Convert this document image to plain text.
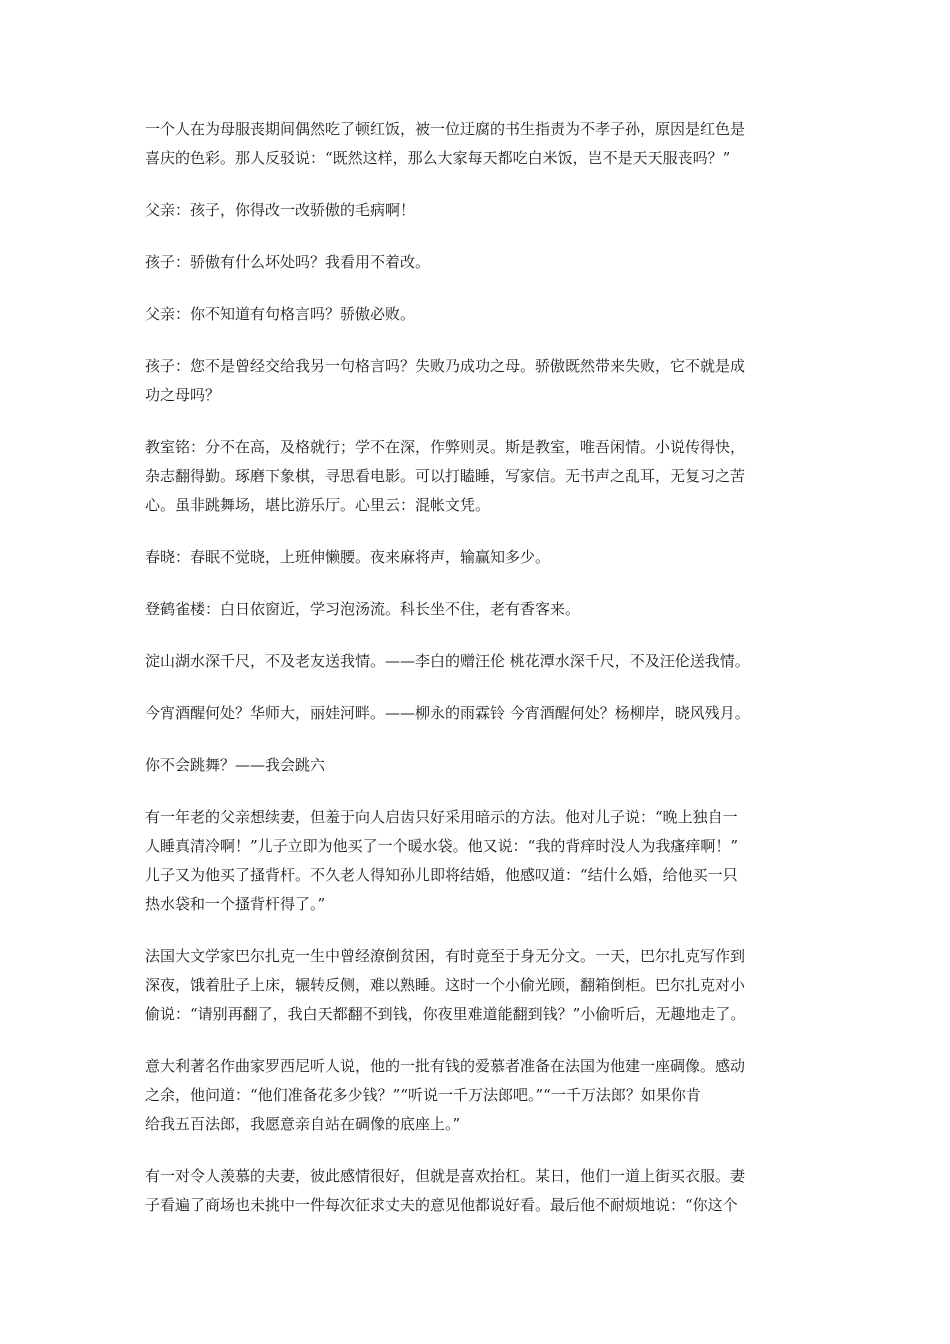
一个人在为母服丧期间偶然吃了顿红饭，被一位迂腐的书生指责为不孝子孙，原因是红色是
喜庆的色彩。那人反驳说：“既然这样，那么大家每天都吃白米饭，岂不是天天服丧吗？”

父亲：孩子，你得改一改骄傲的毛病啊！

孩子：骄傲有什么坏处吗？我看用不着改。

父亲：你不知道有句格言吗？骄傲必败。

孩子：您不是曾经交给我另一句格言吗？失败乃成功之母。骄傲既然带来失败，它不就是成
功之母吗？

教室铭：分不在高，及格就行；学不在深，作弊则灵。斯是教室，唯吾闲情。小说传得快，
杂志翻得勤。琢磨下象棋，寻思看电影。可以打瞌睡，写家信。无书声之乱耳，无复习之苦
心。虽非跳舞场，堪比游乐厅。心里云：混帐文凭。

春晓：春眠不觉晓，上班伸懒腰。夜来麻将声，输赢知多少。

登鹤雀楼：白日依窗近，学习泡汤流。科长坐不住，老有香客来。

淀山湖水深千尺，不及老友送我情。——李白的赠汪伦 桃花潭水深千尺，不及汪伦送我情。

今宵酒醒何处？华师大，丽娃河畔。——柳永的雨霖铃 今宵酒醒何处？杨柳岸，晓风残月。

你不会跳舞？——我会跳六

有一年老的父亲想续妻，但羞于向人启齿只好采用暗示的方法。他对儿子说：“晚上独自一
人睡真清冷啊！”儿子立即为他买了一个暖水袋。他又说：“我的背痒时没人为我瘙痒啊！”
儿子又为他买了搔背杆。不久老人得知孙儿即将结婚，他感叹道：“结什么婚，给他买一只
热水袋和一个搔背杆得了。”

法国大文学家巴尔扎克一生中曾经潦倒贫困，有时竟至于身无分文。一天，巴尔扎克写作到
深夜，饿着肚子上床，辗转反侧，难以熟睡。这时一个小偷光顾，翻箱倒柜。巴尔扎克对小
偷说：“请别再翻了，我白天都翻不到钱，你夜里难道能翻到钱？”小偷听后，无趣地走了。

意大利著名作曲家罗西尼听人说，他的一批有钱的爱慕者准备在法国为他建一座碉像。感动
之余，他问道：“他们准备花多少钱？”“听说一千万法郎吧。”“一千万法郎？如果你肯
给我五百法郎，我愿意亲自站在碉像的底座上。”

有一对令人羡慕的夫妻，彼此感情很好，但就是喜欢抬杠。某日，他们一道上街买衣服。妻
子看遍了商场也未挑中一件每次征求丈夫的意见他都说好看。最后他不耐烦地说：“你这个
